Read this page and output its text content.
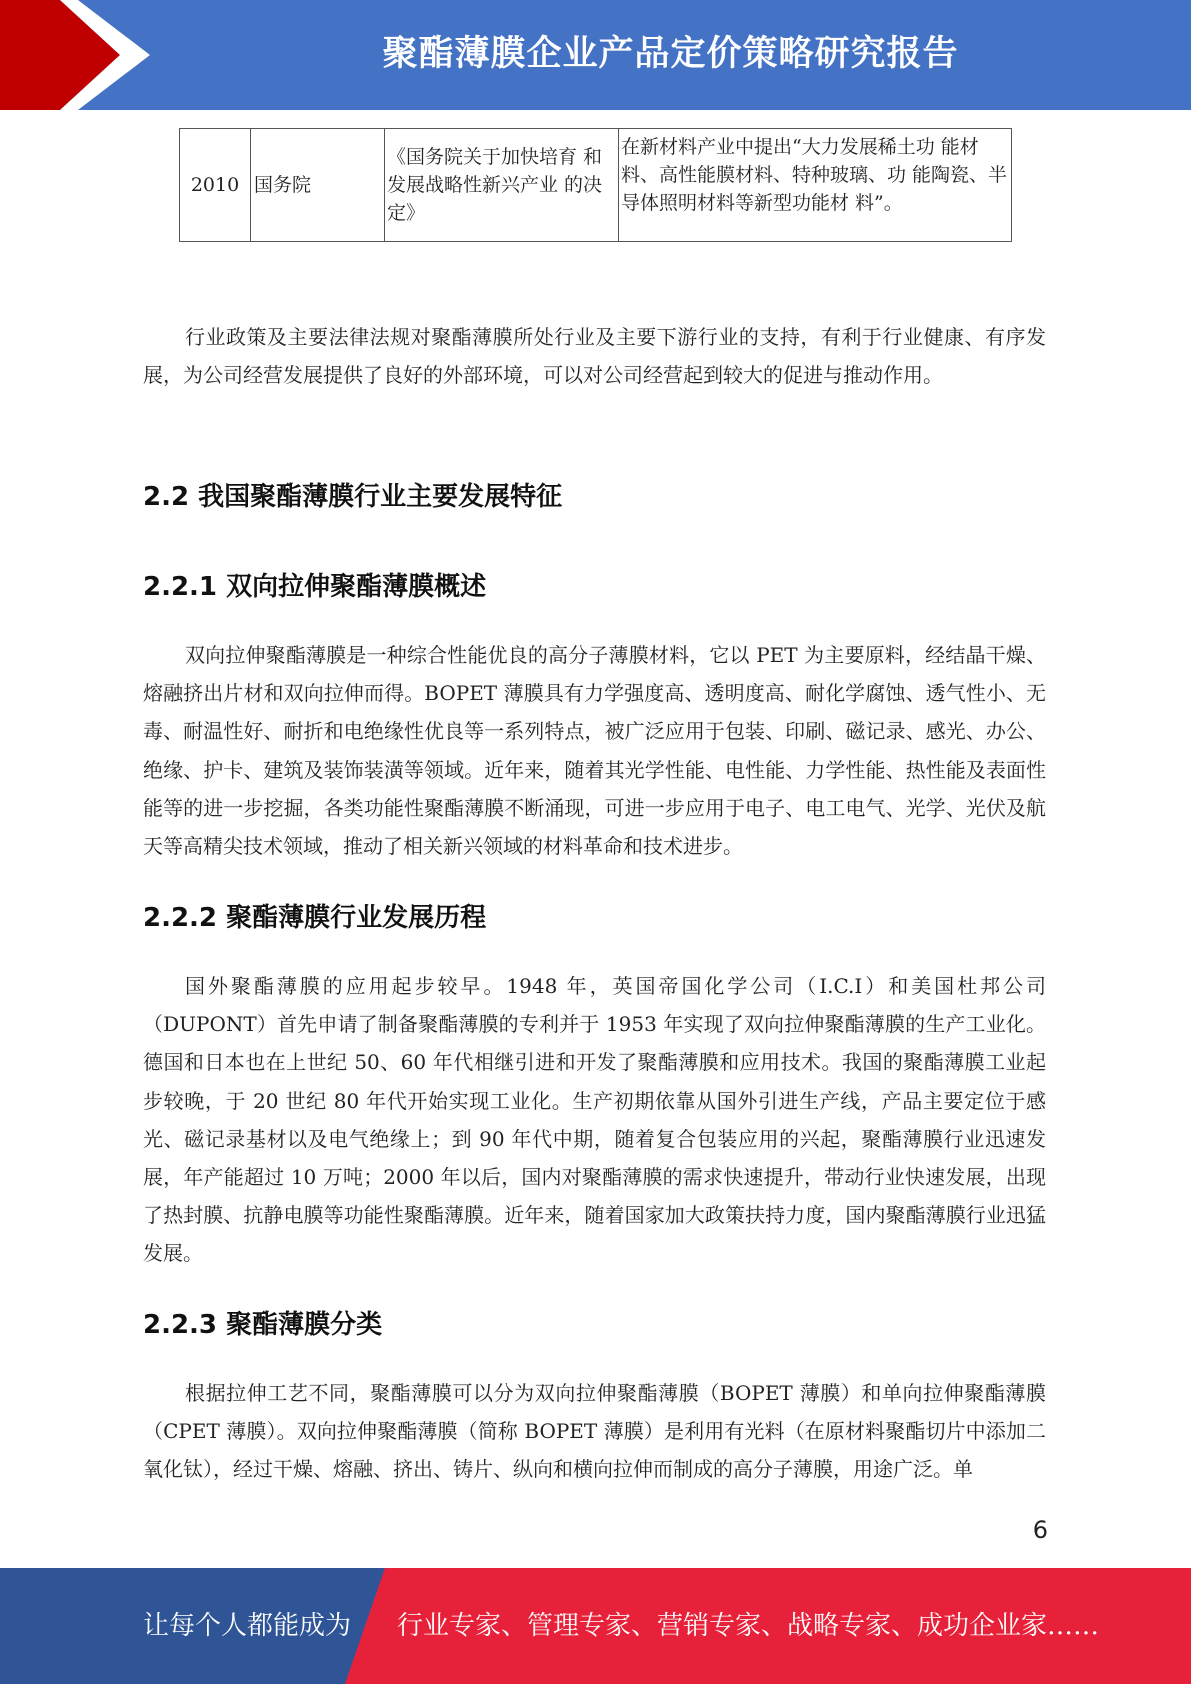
聚酯薄膜企业产品定价策略研究报告
2010	国务院	《国务院关于加快培育 和发展战略性新兴产业 的决定》	在新材料产业中提出“大力发展稀土功 能材料、高性能膜材料、特种玻璃、功 能陶瓷、半导体照明材料等新型功能材 料”。

行业政策及主要法律法规对聚酯薄膜所处行业及主要下游行业的支持，有利于行业健康、有序发展，为公司经营发展提供了良好的外部环境，可以对公司经营起到较大的促进与推动作用。

2.2 我国聚酯薄膜行业主要发展特征
2.2.1 双向拉伸聚酯薄膜概述

双向拉伸聚酯薄膜是一种综合性能优良的高分子薄膜材料，它以 PET 为主要原料，经结晶干燥、熔融挤出片材和双向拉伸而得。BOPET 薄膜具有力学强度高、透明度高、耐化学腐蚀、透气性小、无毒、耐温性好、耐折和电绝缘性优良等一系列特点，被广泛应用于包装、印刷、磁记录、感光、办公、绝缘、护卡、建筑及装饰装潢等领域。近年来，随着其光学性能、电性能、力学性能、热性能及表面性能等的进一步挖掘，各类功能性聚酯薄膜不断涌现，可进一步应用于电子、电工电气、光学、光伏及航天等高精尖技术领域，推动了相关新兴领域的材料革命和技术进步。

2.2.2 聚酯薄膜行业发展历程

国外聚酯薄膜的应用起步较早。1948 年，英国帝国化学公司（I.C.I）和美国杜邦公司（DUPONT）首先申请了制备聚酯薄膜的专利并于 1953 年实现了双向拉伸聚酯薄膜的生产工业化。德国和日本也在上世纪 50、60 年代相继引进和开发了聚酯薄膜和应用技术。我国的聚酯薄膜工业起步较晚，于 20 世纪 80 年代开始实现工业化。生产初期依靠从国外引进生产线，产品主要定位于感光、磁记录基材以及电气绝缘上；到 90 年代中期，随着复合包装应用的兴起，聚酯薄膜行业迅速发展，年产能超过 10 万吨；2000 年以后，国内对聚酯薄膜的需求快速提升，带动行业快速发展，出现了热封膜、抗静电膜等功能性聚酯薄膜。近年来，随着国家加大政策扶持力度，国内聚酯薄膜行业迅猛发展。

2.2.3 聚酯薄膜分类

根据拉伸工艺不同，聚酯薄膜可以分为双向拉伸聚酯薄膜（BOPET 薄膜）和单向拉伸聚酯薄膜（CPET 薄膜）。双向拉伸聚酯薄膜（简称 BOPET 薄膜）是利用有光料（在原材料聚酯切片中添加二氧化钛），经过干燥、熔融、挤出、铸片、纵向和横向拉伸而制成的高分子薄膜，用途广泛。单

6
让每个人都能成为 行业专家、管理专家、营销专家、战略专家、成功企业家……
